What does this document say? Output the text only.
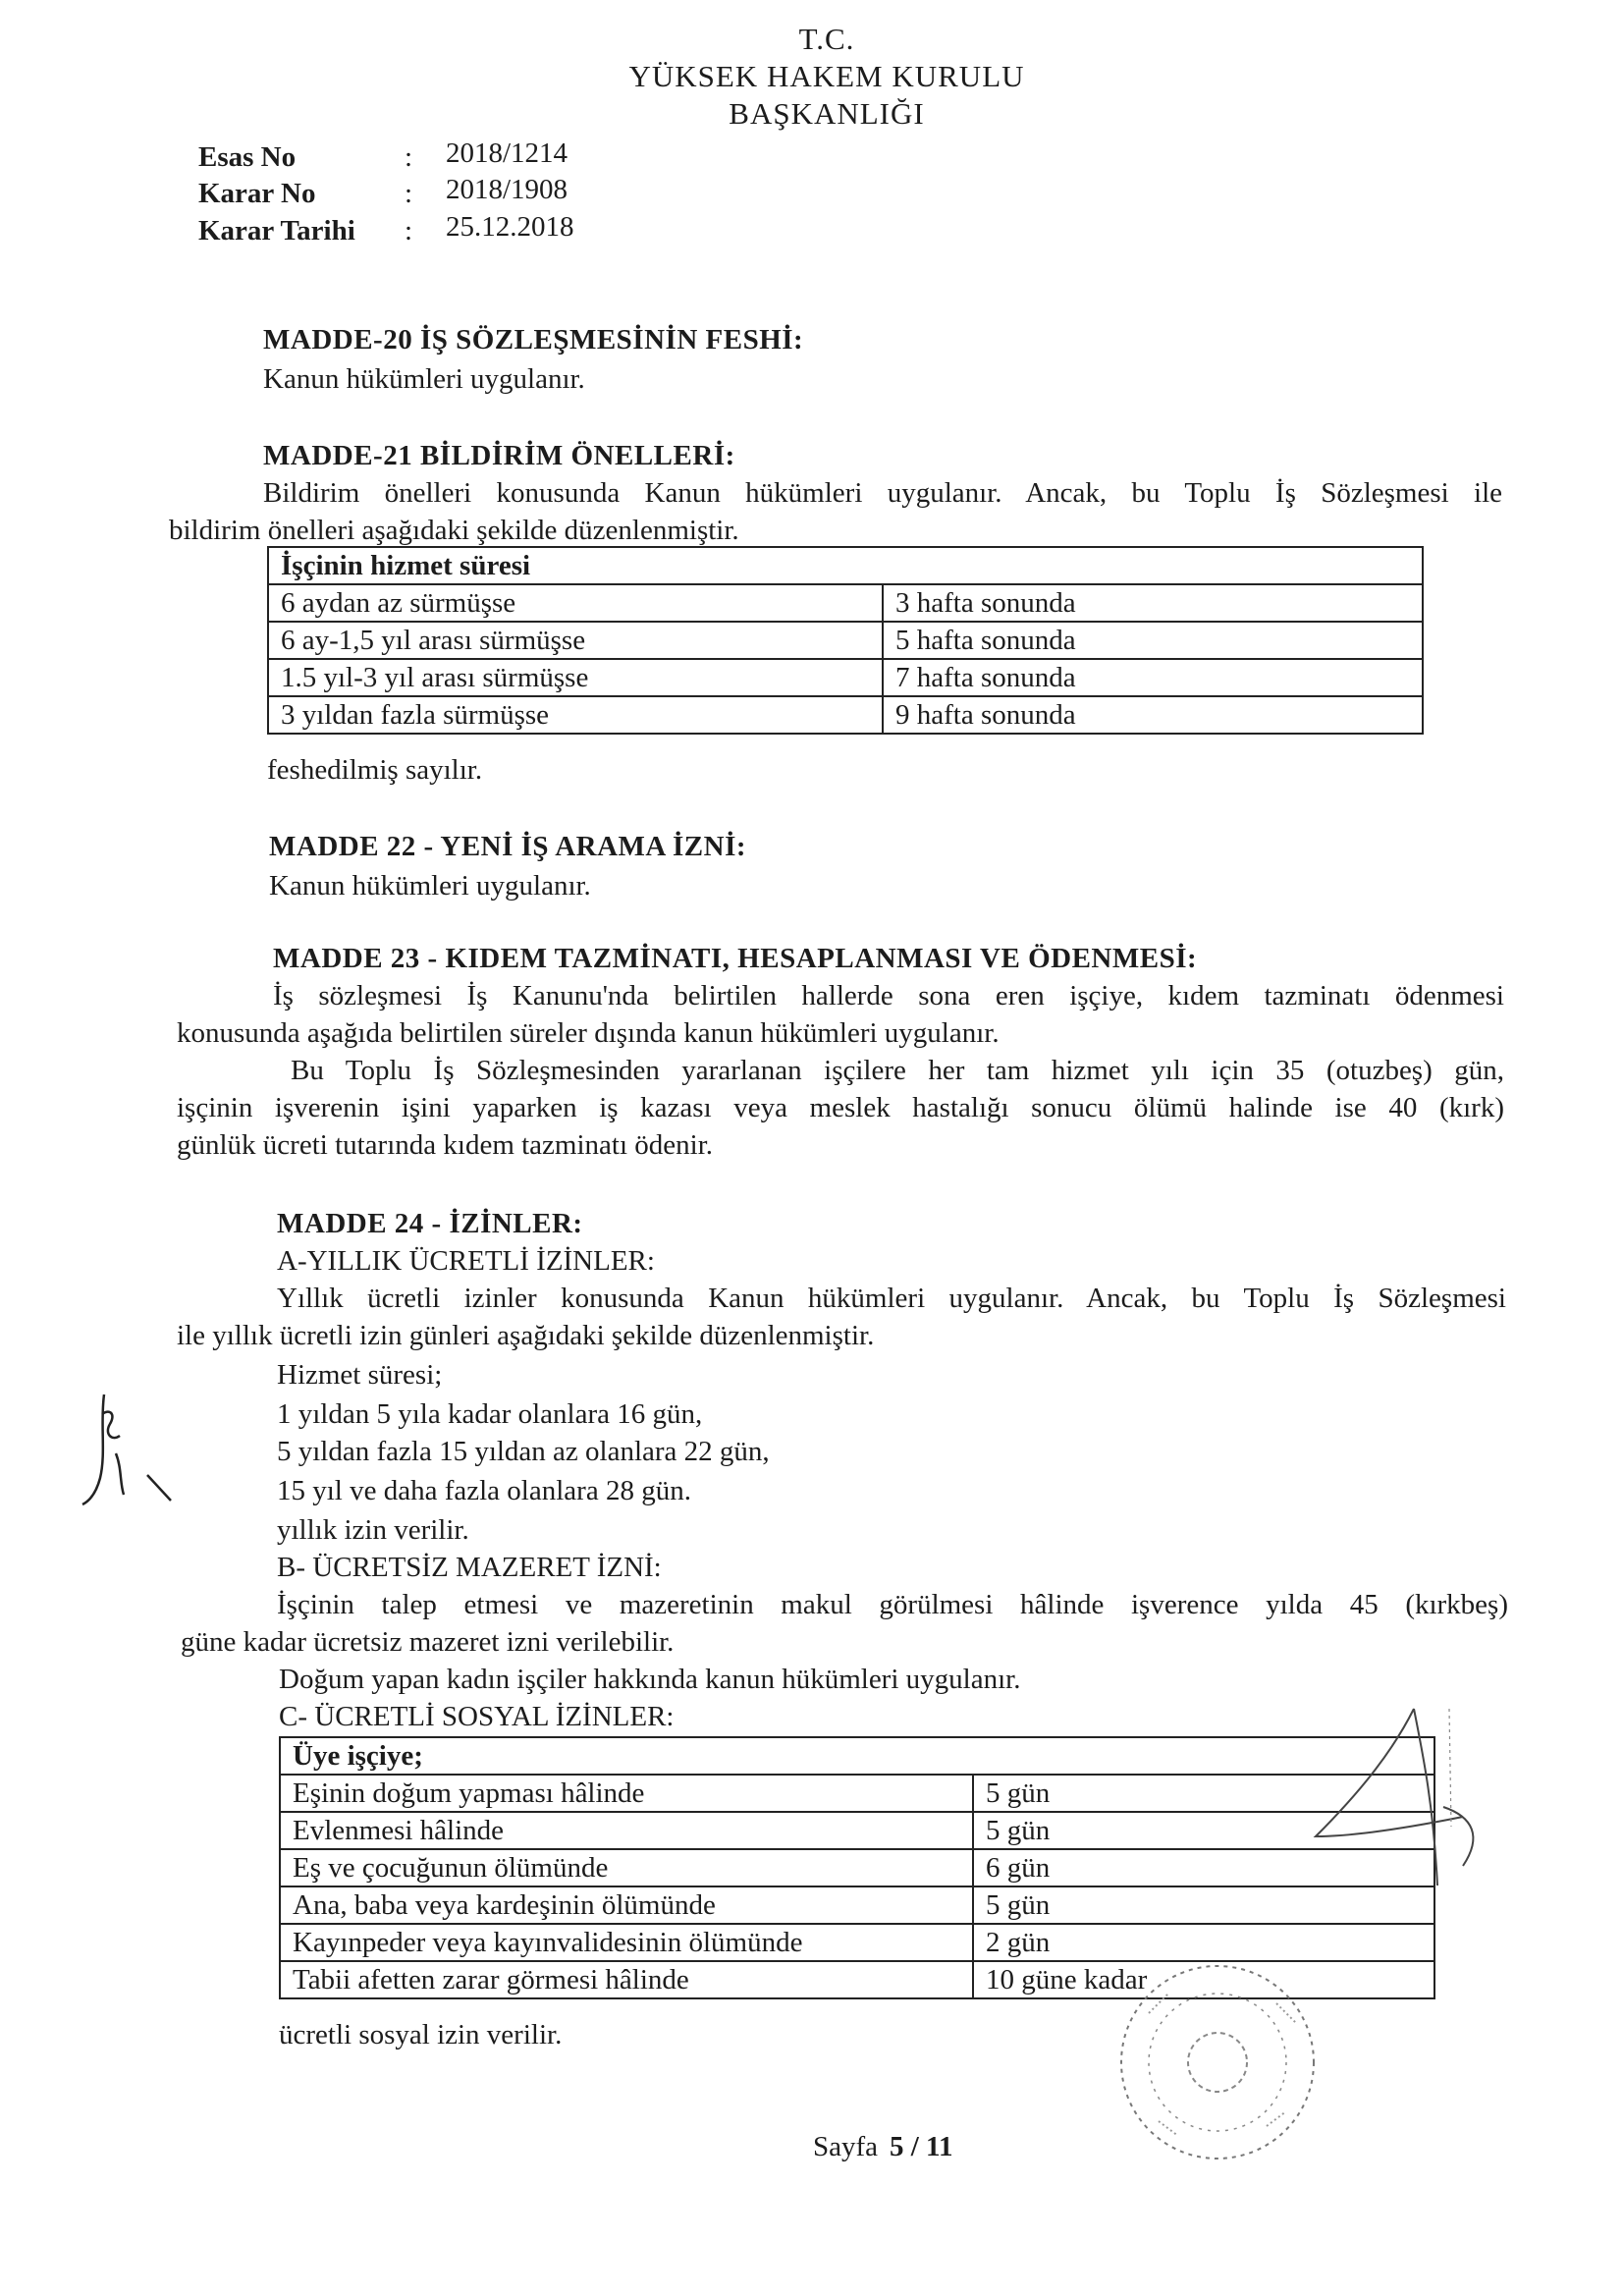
T.C.
YÜKSEK HAKEM KURULU
BAŞKANLIĞI
Esas No	: 2018/1214
Karar No	: 2018/1908
Karar Tarihi : 25.12.2018
MADDE-20 İŞ SÖZLEŞMESİNİN FESHİ:
Kanun hükümleri uygulanır.
MADDE-21 BİLDİRİM ÖNELLERİ:
Bildirim önelleri konusunda Kanun hükümleri uygulanır. Ancak, bu Toplu İş Sözleşmesi ile
bildirim önelleri aşağıdaki şekilde düzenlenmiştir.
İşçinin hizmet süresi	
6 aydan az sürmüşse	3 hafta sonunda
6 ay-1,5 yıl arası sürmüşse	5 hafta sonunda
1.5 yıl-3 yıl arası sürmüşse	7 hafta sonunda
3 yıldan fazla sürmüşse	9 hafta sonunda
feshedilmiş sayılır.
MADDE 22 - YENİ İŞ ARAMA İZNİ:
Kanun hükümleri uygulanır.
MADDE 23 - KIDEM TAZMİNATI, HESAPLANMASI VE ÖDENMESİ:
İş sözleşmesi İş Kanunu'nda belirtilen hallerde sona eren işçiye, kıdem tazminatı ödenmesi
konusunda aşağıda belirtilen süreler dışında kanun hükümleri uygulanır.
Bu Toplu İş Sözleşmesinden yararlanan işçilere her tam hizmet yılı için 35 (otuzbeş) gün,
işçinin işverenin işini yaparken iş kazası veya meslek hastalığı sonucu ölümü halinde ise 40 (kırk)
günlük ücreti tutarında kıdem tazminatı ödenir.
MADDE 24 - İZİNLER:
A-YILLIK ÜCRETLİ İZİNLER:
Yıllık ücretli izinler konusunda Kanun hükümleri uygulanır. Ancak, bu Toplu İş Sözleşmesi
ile yıllık ücretli izin günleri aşağıdaki şekilde düzenlenmiştir.
Hizmet süresi;
1 yıldan 5 yıla kadar olanlara 16 gün,
5 yıldan fazla 15 yıldan az olanlara 22 gün,
15 yıl ve daha fazla olanlara 28 gün.
yıllık izin verilir.
B- ÜCRETSİZ MAZERET İZNİ:
İşçinin talep etmesi ve mazeretinin makul görülmesi hâlinde işverence yılda 45 (kırkbeş)
güne kadar ücretsiz mazeret izni verilebilir.
Doğum yapan kadın işçiler hakkında kanun hükümleri uygulanır.
C- ÜCRETLİ SOSYAL İZİNLER:
Üye işçiye;	
Eşinin doğum yapması hâlinde	5 gün
Evlenmesi hâlinde	5 gün
Eş ve çocuğunun ölümünde	6 gün
Ana, baba veya kardeşinin ölümünde	5 gün
Kayınpeder veya kayınvalidesinin ölümünde	2 gün
Tabii afetten zarar görmesi hâlinde	10 güne kadar
ücretli sosyal izin verilir.
Sayfa 5 / 11
